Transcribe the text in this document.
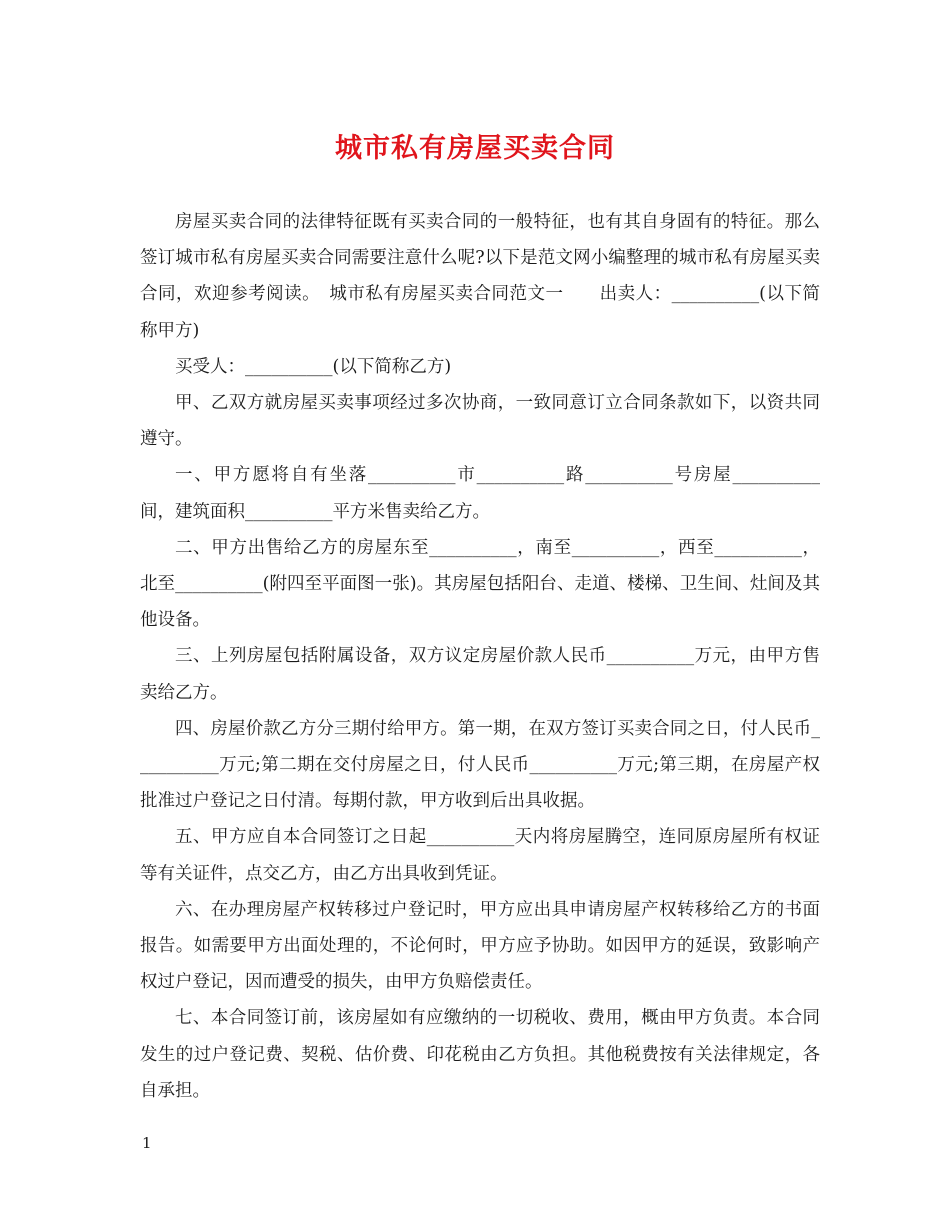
城市私有房屋买卖合同

房屋买卖合同的法律特征既有买卖合同的一般特征，也有其自身固有的特征。那么签订城市私有房屋买卖合同需要注意什么呢?以下是范文网小编整理的城市私有房屋买卖合同，欢迎参考阅读。　城市私有房屋买卖合同范文一　　出卖人：__________(以下简称甲方)

买受人：__________(以下简称乙方)

甲、乙双方就房屋买卖事项经过多次协商，一致同意订立合同条款如下，以资共同遵守。

一、甲方愿将自有坐落__________市__________路__________号房屋__________间，建筑面积__________平方米售卖给乙方。

二、甲方出售给乙方的房屋东至__________，南至__________，西至__________，北至__________(附四至平面图一张)。其房屋包括阳台、走道、楼梯、卫生间、灶间及其他设备。

三、上列房屋包括附属设备，双方议定房屋价款人民币__________万元，由甲方售卖给乙方。

四、房屋价款乙方分三期付给甲方。第一期，在双方签订买卖合同之日，付人民币__________万元;第二期在交付房屋之日，付人民币__________万元;第三期，在房屋产权批准过户登记之日付清。每期付款，甲方收到后出具收据。

五、甲方应自本合同签订之日起__________天内将房屋腾空，连同原房屋所有权证等有关证件，点交乙方，由乙方出具收到凭证。

六、在办理房屋产权转移过户登记时，甲方应出具申请房屋产权转移给乙方的书面报告。如需要甲方出面处理的，不论何时，甲方应予协助。如因甲方的延误，致影响产权过户登记，因而遭受的损失，由甲方负赔偿责任。

七、本合同签订前，该房屋如有应缴纳的一切税收、费用，概由甲方负责。本合同发生的过户登记费、契税、估价费、印花税由乙方负担。其他税费按有关法律规定，各自承担。

1
